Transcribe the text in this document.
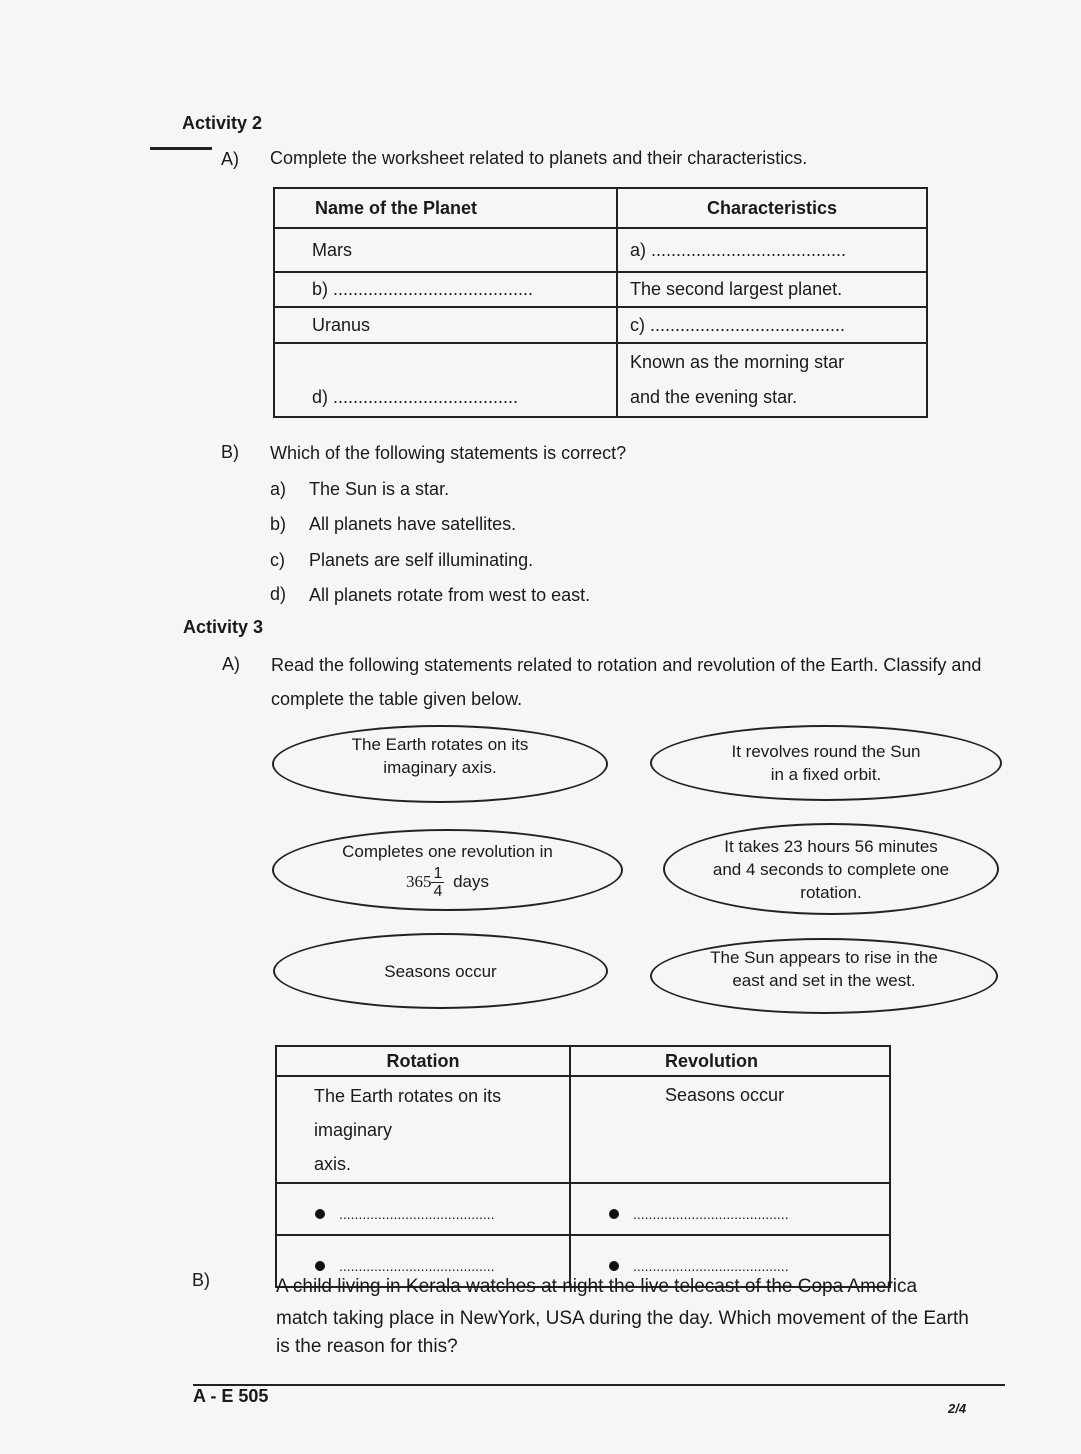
Activity 2
A) Complete the worksheet related to planets and their characteristics.
Name of the Planet	Characteristics
Mars	a) .......................................
b) ........................................	The second largest planet.
Uranus	c) .......................................
d) .....................................	Known as the morning star
and the evening star.
B) Which of the following statements is correct?
a) The Sun is a star.
b) All planets have satellites.
c) Planets are self illuminating.
d) All planets rotate from west to east.
Activity 3
A) Read the following statements related to rotation and revolution of the Earth. Classify and
complete the table given below.
The Earth rotates on its
imaginary axis.
It revolves round the Sun
in a fixed orbit.
Completes one revolution in
$365 \frac{1}{4}$ days
It takes 23 hours 56 minutes
and 4 seconds to complete one
rotation.
Seasons occur
The Sun appears to rise in the
east and set in the west.
Rotation	Revolution

The Earth rotates on its imaginary
axis.	Seasons occur
........................................	........................................
........................................	........................................
B)	A child living in Kerala watches at night the live telecast of the Copa America
match taking place in NewYork, USA during the day. Which movement of the Earth
is the reason for this?
A - E 505
2/4
